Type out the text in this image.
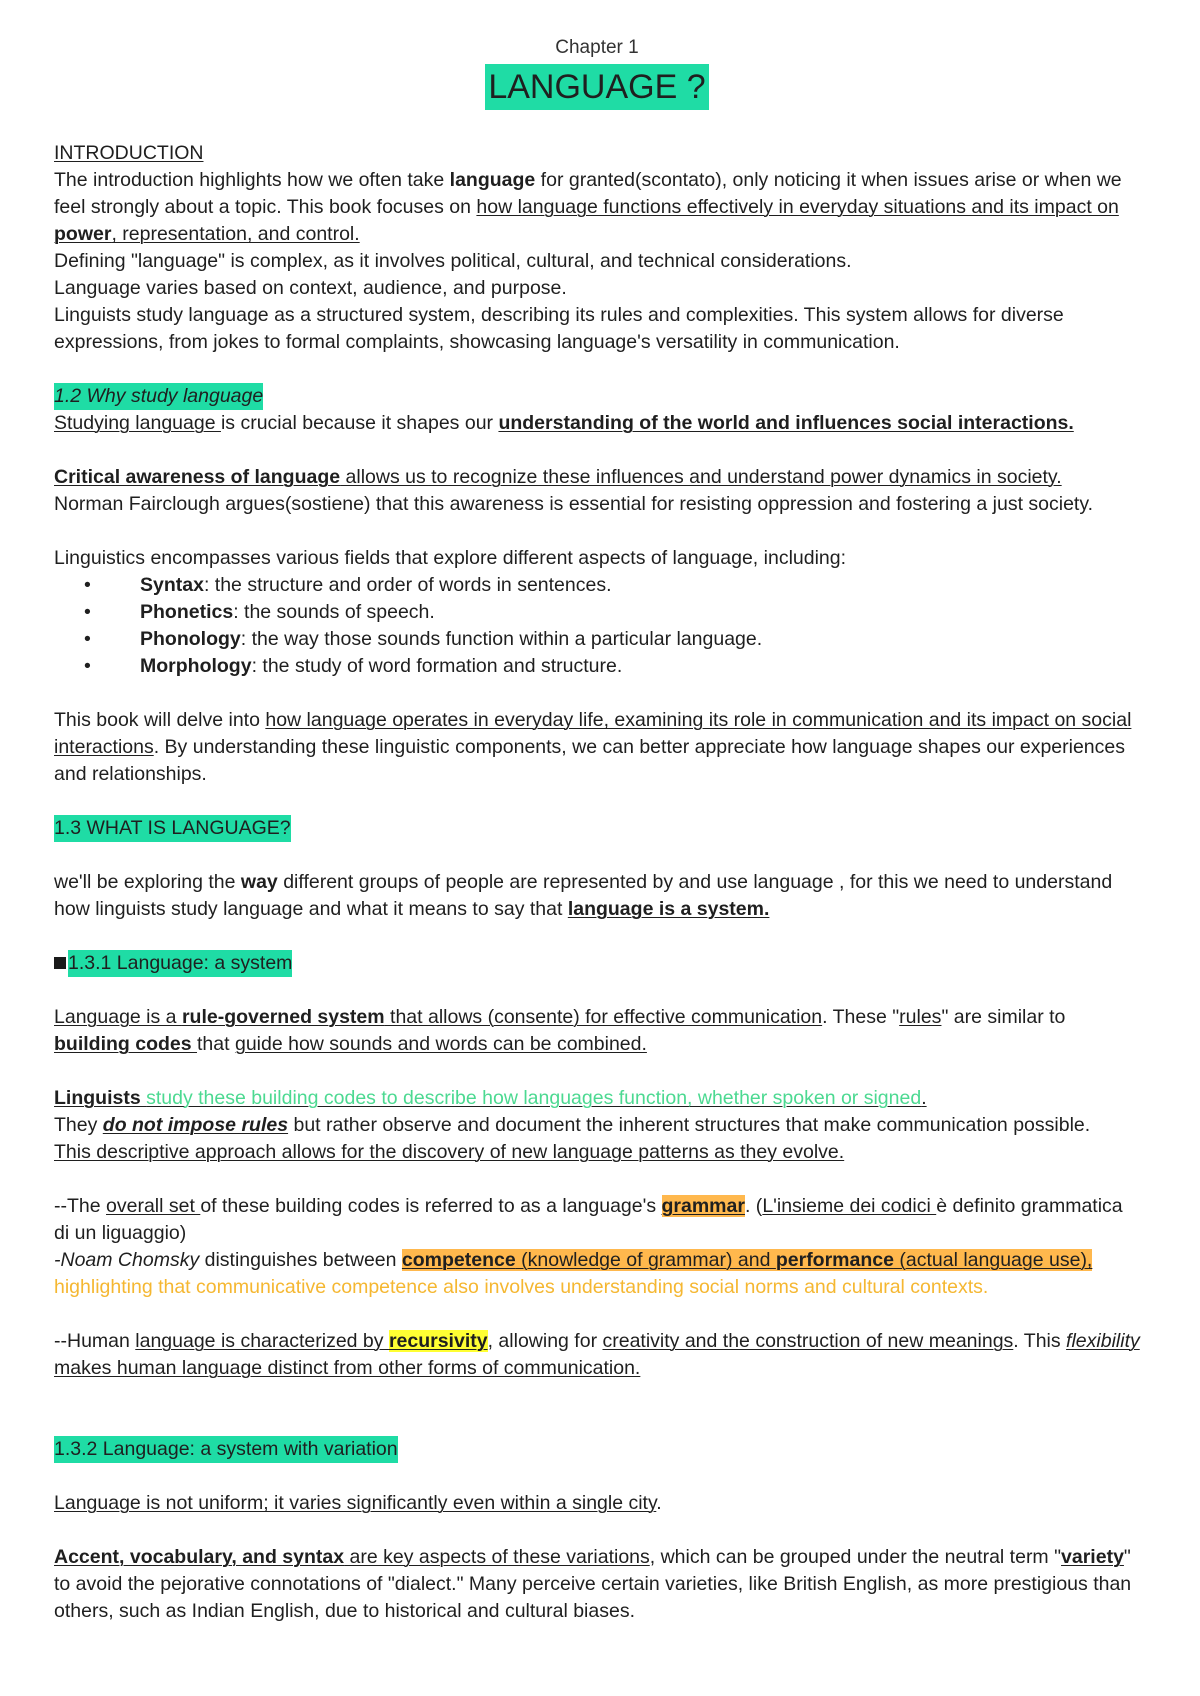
Chapter 1

LANGUAGE ?

INTRODUCTION

The introduction highlights how we often take language for granted(scontato), only noticing it when issues arise or when we feel strongly about a topic. This book focuses on how language functions effectively in everyday situations and its impact on power, representation, and control.

Defining "language" is complex, as it involves political, cultural, and technical considerations.

Language varies based on context, audience, and purpose.

Linguists study language as a structured system, describing its rules and complexities. This system allows for diverse expressions, from jokes to formal complaints, showcasing language's versatility in communication.

1.2 Why study language

Studying language is crucial because it shapes our understanding of the world and influences social interactions.

Critical awareness of language allows us to recognize these influences and understand power dynamics in society.

Norman Fairclough argues(sostiene) that this awareness is essential for resisting oppression and fostering a just society.

Linguistics encompasses various fields that explore different aspects of language, including:

•	Syntax: the structure and order of words in sentences.
•	Phonetics: the sounds of speech.
•	Phonology: the way those sounds function within a particular language.
•	Morphology: the study of word formation and structure.

This book will delve into how language operates in everyday life, examining its role in communication and its impact on social interactions. By understanding these linguistic components, we can better appreciate how language shapes our experiences and relationships.

1.3 WHAT IS LANGUAGE?

we'll be exploring the way different groups of people are represented by and use language , for this we need to understand how linguists study language and what it means to say that language is a system.

1.3.1 Language: a system

Language is a rule-governed system that allows (consente) for effective communication. These "rules" are similar to building codes that guide how sounds and words can be combined.

Linguists study these building codes to describe how languages function, whether spoken or signed.

They do not impose rules but rather observe and document the inherent structures that make communication possible.

This descriptive approach allows for the discovery of new language patterns as they evolve.

--The overall set of these building codes is referred to as a language's grammar. (L'insieme dei codici è definito grammatica di un liguaggio)

-Noam Chomsky distinguishes between competence (knowledge of grammar) and performance (actual language use), highlighting that communicative competence also involves understanding social norms and cultural contexts.

--Human language is characterized by recursivity, allowing for creativity and the construction of new meanings. This flexibility makes human language distinct from other forms of communication.

1.3.2 Language: a system with variation

Language is not uniform; it varies significantly even within a single city.

Accent, vocabulary, and syntax are key aspects of these variations, which can be grouped under the neutral term "variety" to avoid the pejorative connotations of "dialect." Many perceive certain varieties, like British English, as more prestigious than others, such as Indian English, due to historical and cultural biases.
